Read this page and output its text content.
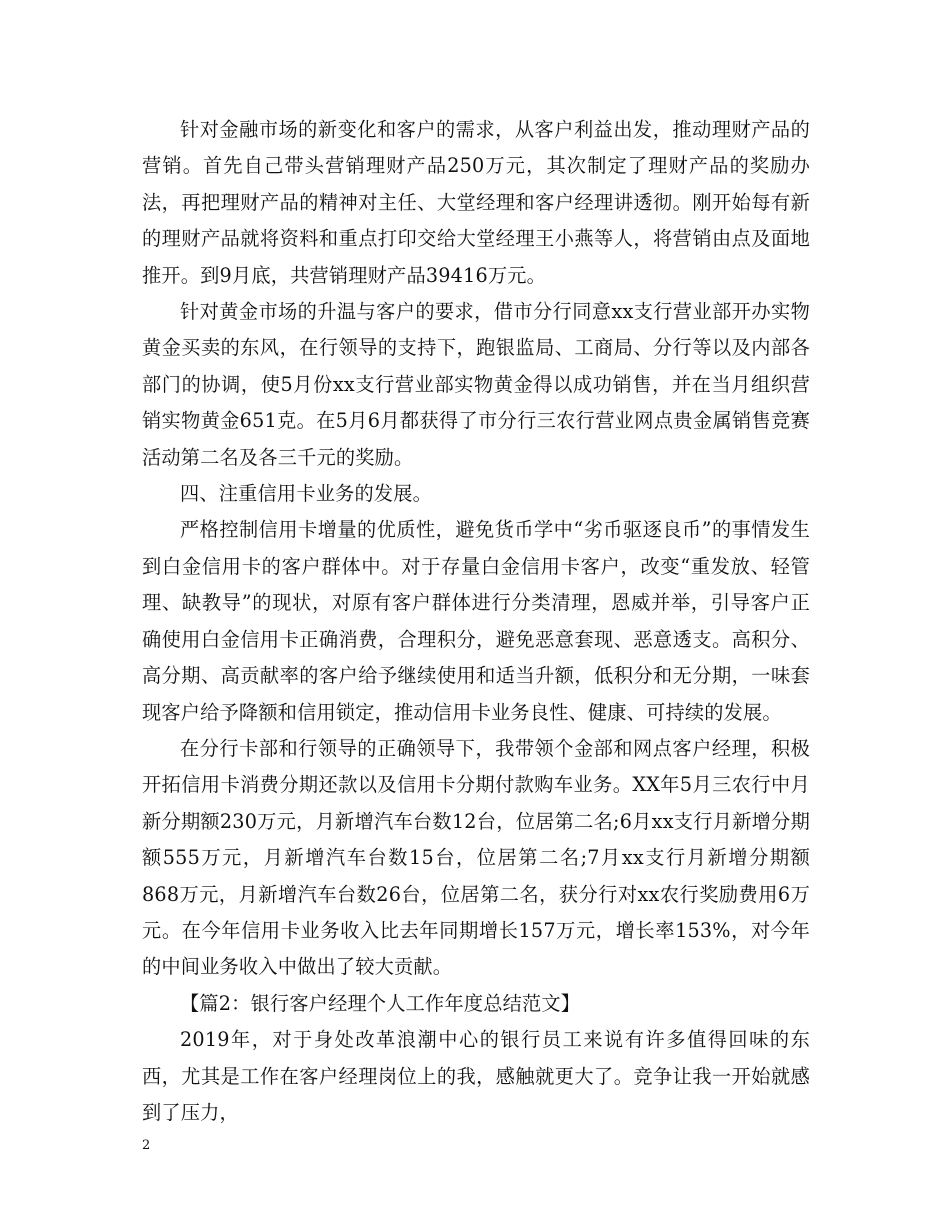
针对金融市场的新变化和客户的需求，从客户利益出发，推动理财产品的营销。首先自己带头营销理财产品250万元，其次制定了理财产品的奖励办法，再把理财产品的精神对主任、大堂经理和客户经理讲透彻。刚开始每有新的理财产品就将资料和重点打印交给大堂经理王小燕等人，将营销由点及面地推开。到9月底，共营销理财产品39416万元。

针对黄金市场的升温与客户的要求，借市分行同意xx支行营业部开办实物黄金买卖的东风，在行领导的支持下，跑银监局、工商局、分行等以及内部各部门的协调，使5月份xx支行营业部实物黄金得以成功销售，并在当月组织营销实物黄金651克。在5月6月都获得了市分行三农行营业网点贵金属销售竞赛活动第二名及各三千元的奖励。

四、注重信用卡业务的发展。

严格控制信用卡增量的优质性，避免货币学中“劣币驱逐良币”的事情发生到白金信用卡的客户群体中。对于存量白金信用卡客户，改变“重发放、轻管理、缺教导”的现状，对原有客户群体进行分类清理，恩威并举，引导客户正确使用白金信用卡正确消费，合理积分，避免恶意套现、恶意透支。高积分、高分期、高贡献率的客户给予继续使用和适当升额，低积分和无分期，一味套现客户给予降额和信用锁定，推动信用卡业务良性、健康、可持续的发展。

在分行卡部和行领导的正确领导下，我带领个金部和网点客户经理，积极开拓信用卡消费分期还款以及信用卡分期付款购车业务。XX年5月三农行中月新分期额230万元，月新增汽车台数12台，位居第二名;6月xx支行月新增分期额555万元，月新增汽车台数15台，位居第二名;7月xx支行月新增分期额 868万元，月新增汽车台数26台，位居第二名，获分行对xx农行奖励费用6万元。在今年信用卡业务收入比去年同期增长157万元，增长率153%，对今年的中间业务收入中做出了较大贡献。

【篇2：银行客户经理个人工作年度总结范文】

2019年，对于身处改革浪潮中心的银行员工来说有许多值得回味的东西，尤其是工作在客户经理岗位上的我，感触就更大了。竞争让我一开始就感到了压力，

2
